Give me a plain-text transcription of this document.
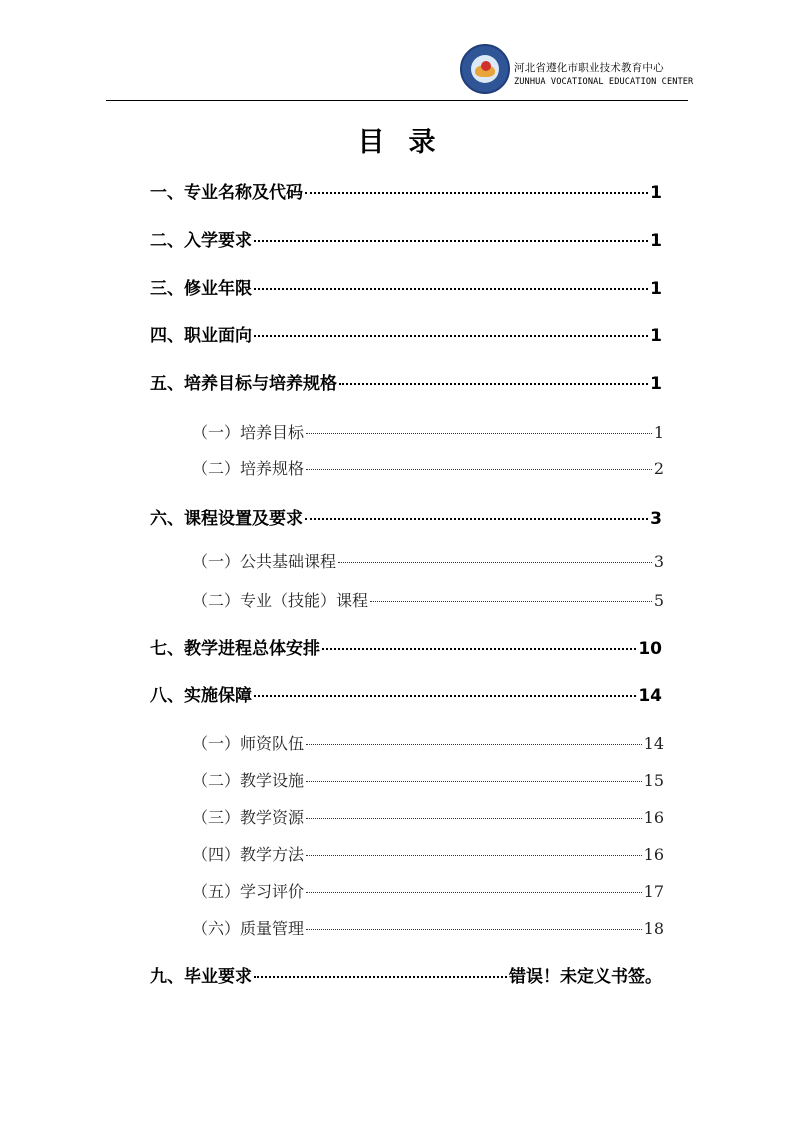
河北省遵化市职业技术教育中心
ZUNHUA VOCATIONAL EDUCATION CENTER
目录
一、专业名称及代码	1
二、入学要求	1
三、修业年限	1
四、职业面向	1
五、培养目标与培养规格	1
（一）培养目标	1
（二）培养规格	2
六、课程设置及要求	3
（一）公共基础课程	3
（二）专业（技能）课程	5
七、教学进程总体安排	10
八、实施保障	14
（一）师资队伍	14
（二）教学设施	15
（三）教学资源	16
（四）教学方法	16
（五）学习评价	17
（六）质量管理	18
九、毕业要求	错误！未定义书签。
